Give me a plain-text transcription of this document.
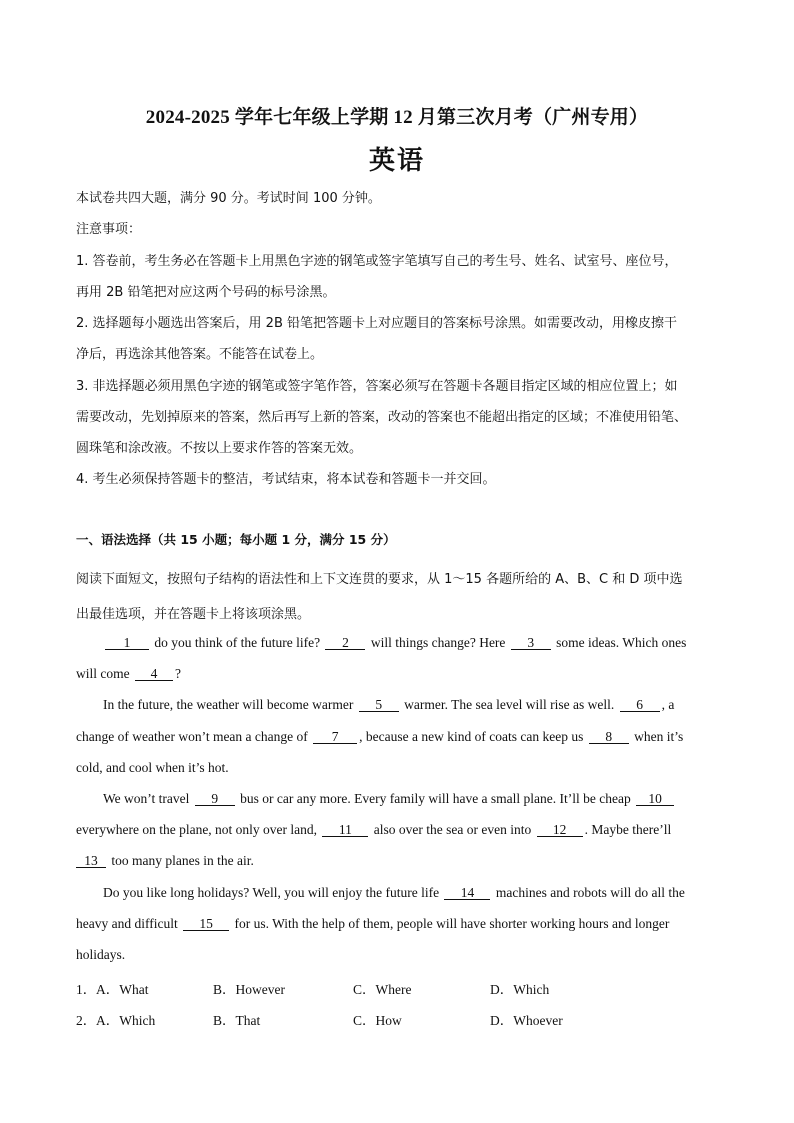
2024-2025 学年七年级上学期 12 月第三次月考（广州专用）
英语
本试卷共四大题，满分 90 分。考试时间 100 分钟。
注意事项：
1. 答卷前，考生务必在答题卡上用黑色字迹的钢笔或签字笔填写自己的考生号、姓名、试室号、座位号，
再用 2B 铅笔把对应这两个号码的标号涂黑。
2. 选择题每小题选出答案后，用 2B 铅笔把答题卡上对应题目的答案标号涂黑。如需要改动，用橡皮擦干
净后，再选涂其他答案。不能答在试卷上。
3. 非选择题必须用黑色字迹的钢笔或签字笔作答，答案必须写在答题卡各题目指定区域的相应位置上；如
需要改动，先划掉原来的答案，然后再写上新的答案，改动的答案也不能超出指定的区域；不准使用铅笔、
圆珠笔和涂改液。不按以上要求作答的答案无效。
4. 考生必须保持答题卡的整洁，考试结束，将本试卷和答题卡一并交回。
一、语法选择（共 15 小题；每小题 1 分，满分 15 分）
阅读下面短文，按照句子结构的语法性和上下文连贯的要求，从 1～15 各题所给的 A、B、C 和 D 项中选
出最佳选项，并在答题卡上将该项涂黑。
1 do you think of the future life? 2 will things change? Here 3 some ideas. Which ones
will come 4 ?
In the future, the weather will become warmer 5 warmer. The sea level will rise as well. 6 , a
change of weather won’t mean a change of 7 , because a new kind of coats can keep us 8 when it’s
cold, and cool when it’s hot.
We won’t travel 9 bus or car any more. Every family will have a small plane. It’ll be cheap 10
everywhere on the plane, not only over land, 11 also over the sea or even into 12 . Maybe there’ll
13 too many planes in the air.
Do you like long holidays? Well, you will enjoy the future life 14 machines and robots will do all the
heavy and difficult 15 for us. With the help of them, people will have shorter working hours and longer
holidays.
1． A．What	B．However	C．Where	D．Which
2． A．Which	B．That	C．How	D．Whoever
